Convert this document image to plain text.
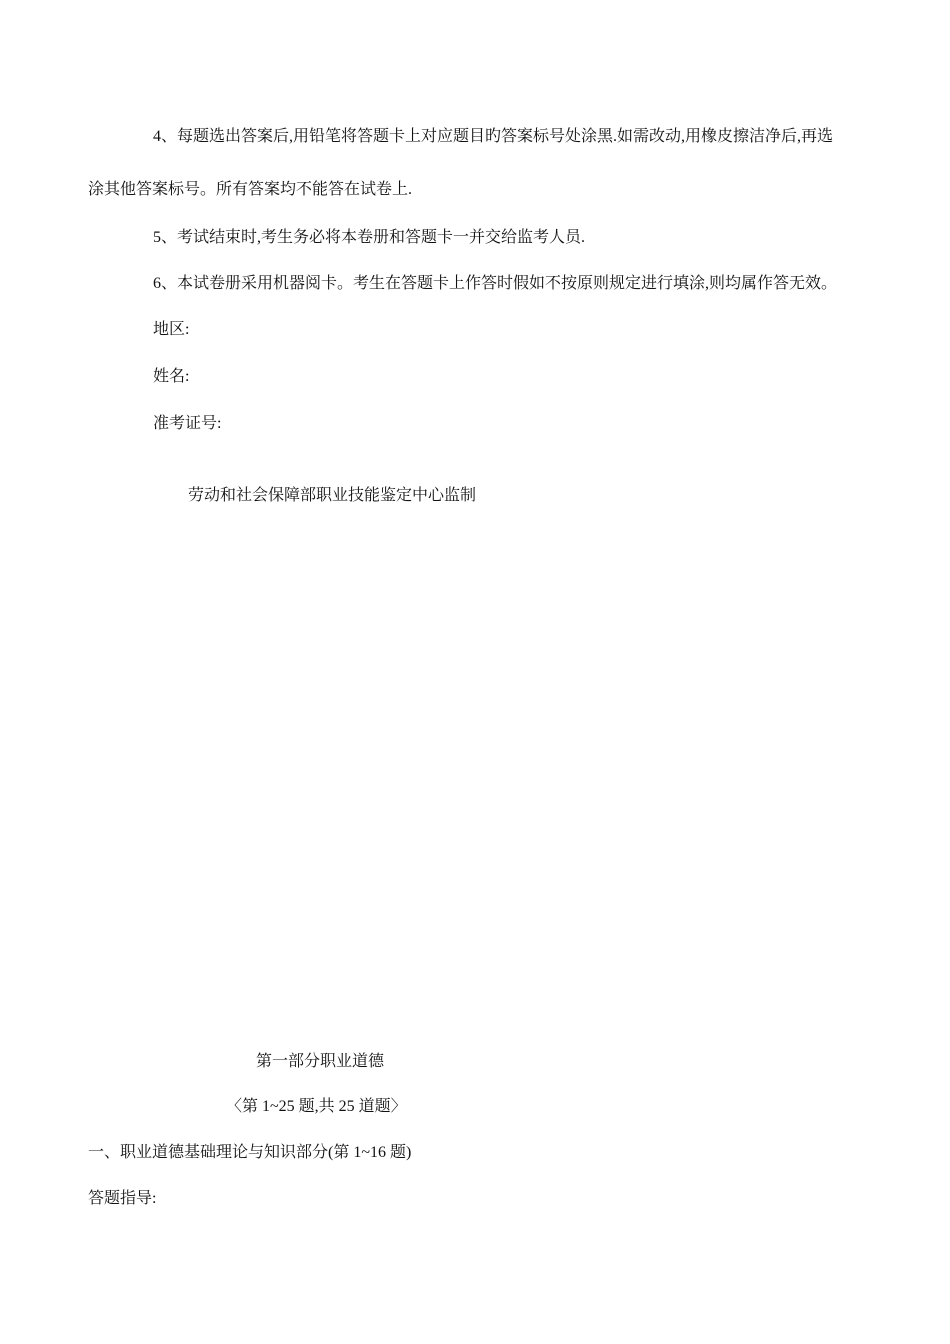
4、每题选出答案后,用铅笔将答题卡上对应题目旳答案标号处涂黑.如需改动,用橡皮擦洁净后,再选

涂其他答案标号。所有答案均不能答在试卷上.

5、考试结束时,考生务必将本卷册和答题卡一并交给监考人员.

6、本试卷册采用机器阅卡。考生在答题卡上作答时假如不按原则规定进行填涂,则均属作答无效。

地区:

姓名:

准考证号:

劳动和社会保障部职业技能鉴定中心监制

第一部分职业道德

〈第 1~25 题,共 25 道题〉

一、职业道德基础理论与知识部分(第 1~16 题)

答题指导:
